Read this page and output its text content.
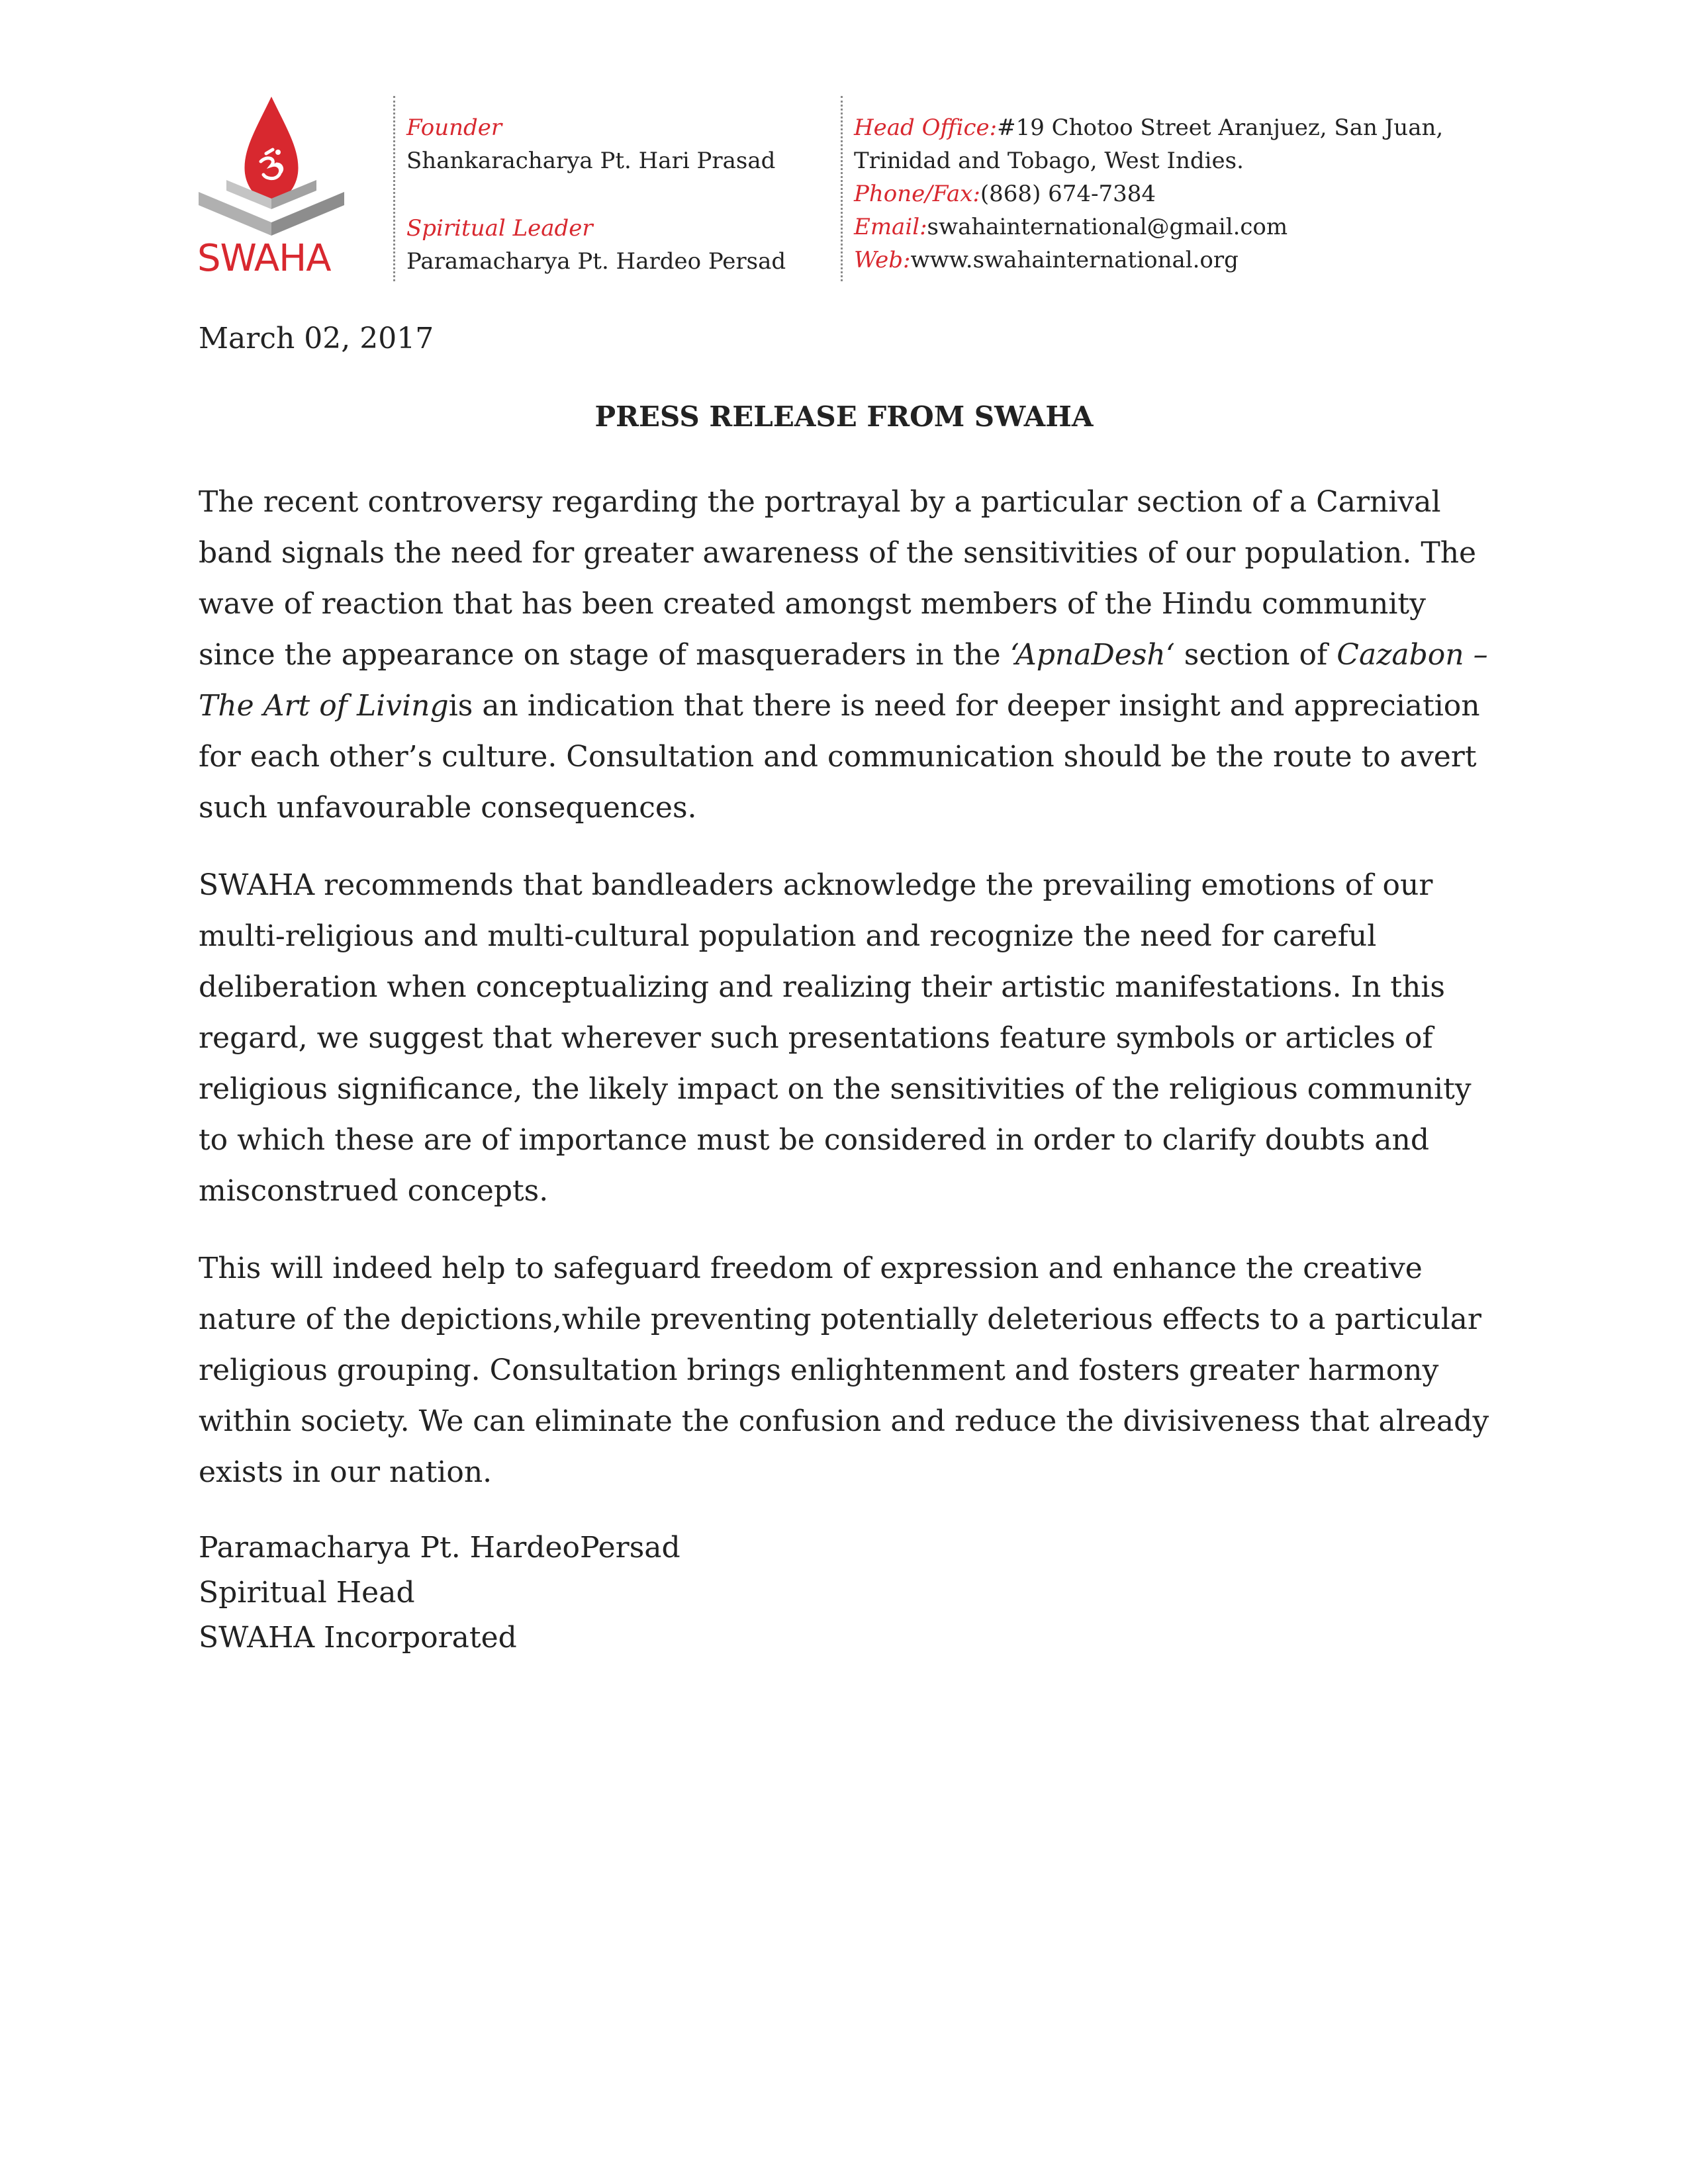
SWAHA
Founder
Shankaracharya Pt. Hari Prasad
Spiritual Leader
Paramacharya Pt. Hardeo Persad
Head Office:#19 Chotoo Street Aranjuez, San Juan,
Trinidad and Tobago, West Indies.
Phone/Fax:(868) 674-7384
Email:swahainternational@gmail.com
Web:www.swahainternational.org
March 02, 2017
PRESS RELEASE FROM SWAHA

The recent controversy regarding the portrayal by a particular section of a Carnival band signals the need for greater awareness of the sensitivities of our population. The wave of reaction that has been created amongst members of the Hindu community since the appearance on stage of masqueraders in the ‘ApnaDesh‘ section of Cazabon – The Art of Livingis an indication that there is need for deeper insight and appreciation for each other’s culture. Consultation and communication should be the route to avert such unfavourable consequences.

SWAHA recommends that bandleaders acknowledge the prevailing emotions of our multi-religious and multi-cultural population and recognize the need for careful deliberation when conceptualizing and realizing their artistic manifestations. In this regard, we suggest that wherever such presentations feature symbols or articles of religious significance, the likely impact on the sensitivities of the religious community to which these are of importance must be considered in order to clarify doubts and misconstrued concepts.

This will indeed help to safeguard freedom of expression and enhance the creative nature of the depictions,while preventing potentially deleterious effects to a particular religious grouping. Consultation brings enlightenment and fosters greater harmony within society. We can eliminate the confusion and reduce the divisiveness that already exists in our nation.

Paramacharya Pt. HardeoPersad
Spiritual Head
SWAHA Incorporated
